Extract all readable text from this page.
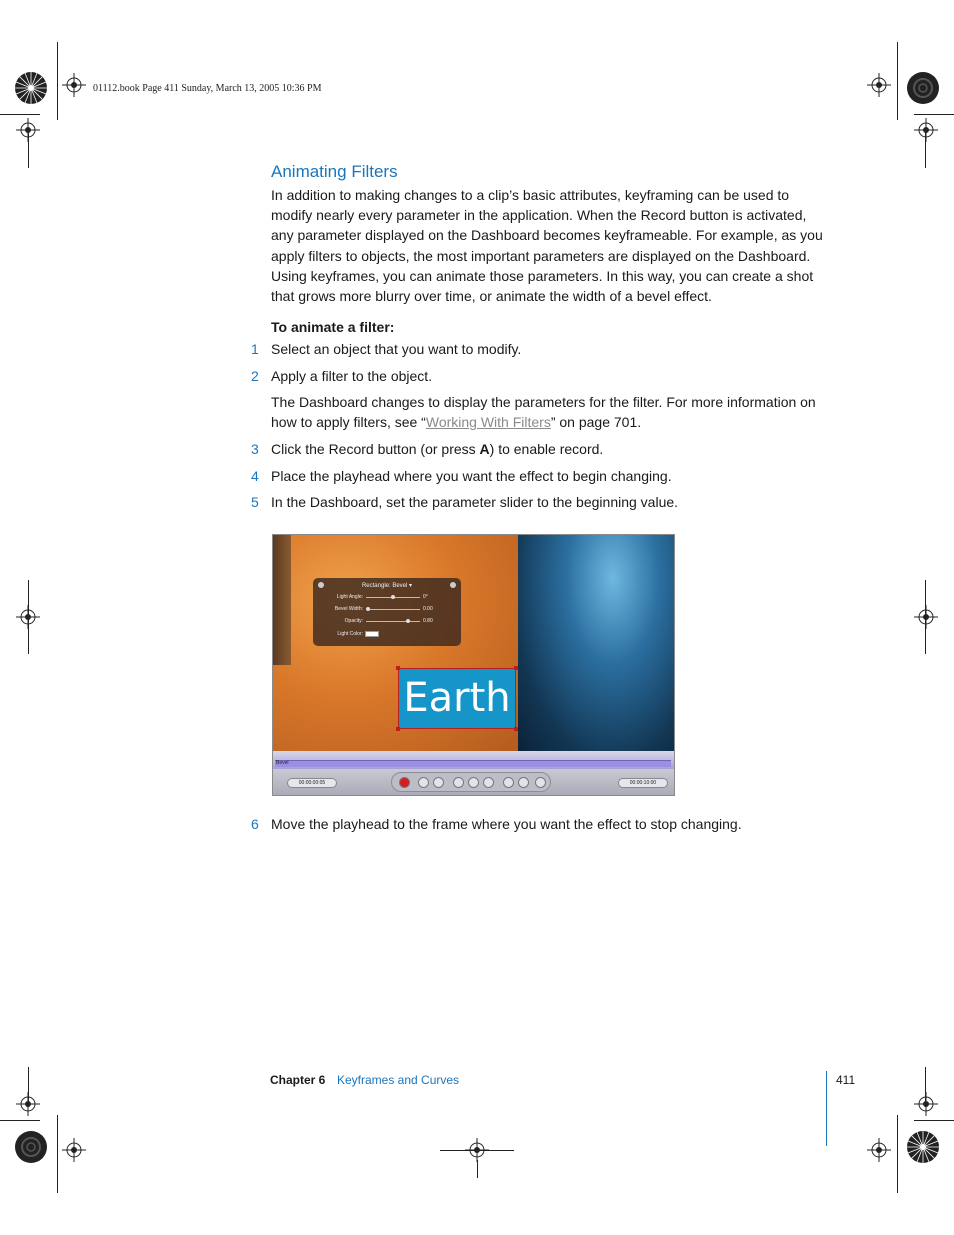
01112.book Page 411 Sunday, March 13, 2005 10:36 PM
Animating Filters

In addition to making changes to a clip’s basic attributes, keyframing can be used to modify nearly every parameter in the application. When the Record button is activated, any parameter displayed on the Dashboard becomes keyframeable. For example, as you apply filters to objects, the most important parameters are displayed on the Dashboard. Using keyframes, you can animate those parameters. In this way, you can create a shot that grows more blurry over time, or animate the width of a bevel effect.

To animate a filter:
1 Select an object that you want to modify.
2 Apply a filter to the object.
The Dashboard changes to display the parameters for the filter. For more information on how to apply filters, see “Working With Filters” on page 701.
3 Click the Record button (or press A) to enable record.
4 Place the playhead where you want the effect to begin changing.
5 In the Dashboard, set the parameter slider to the beginning value.
Rectangle: Bevel ▾
Light Angle:	0°
Bevel Width:	0.00
Opacity:	0.80
Light Color:
Earth
Bevel
00:00:00:05	00:00:10:00
6 Move the playhead to the frame where you want the effect to stop changing.
Chapter 6 Keyframes and Curves	411
